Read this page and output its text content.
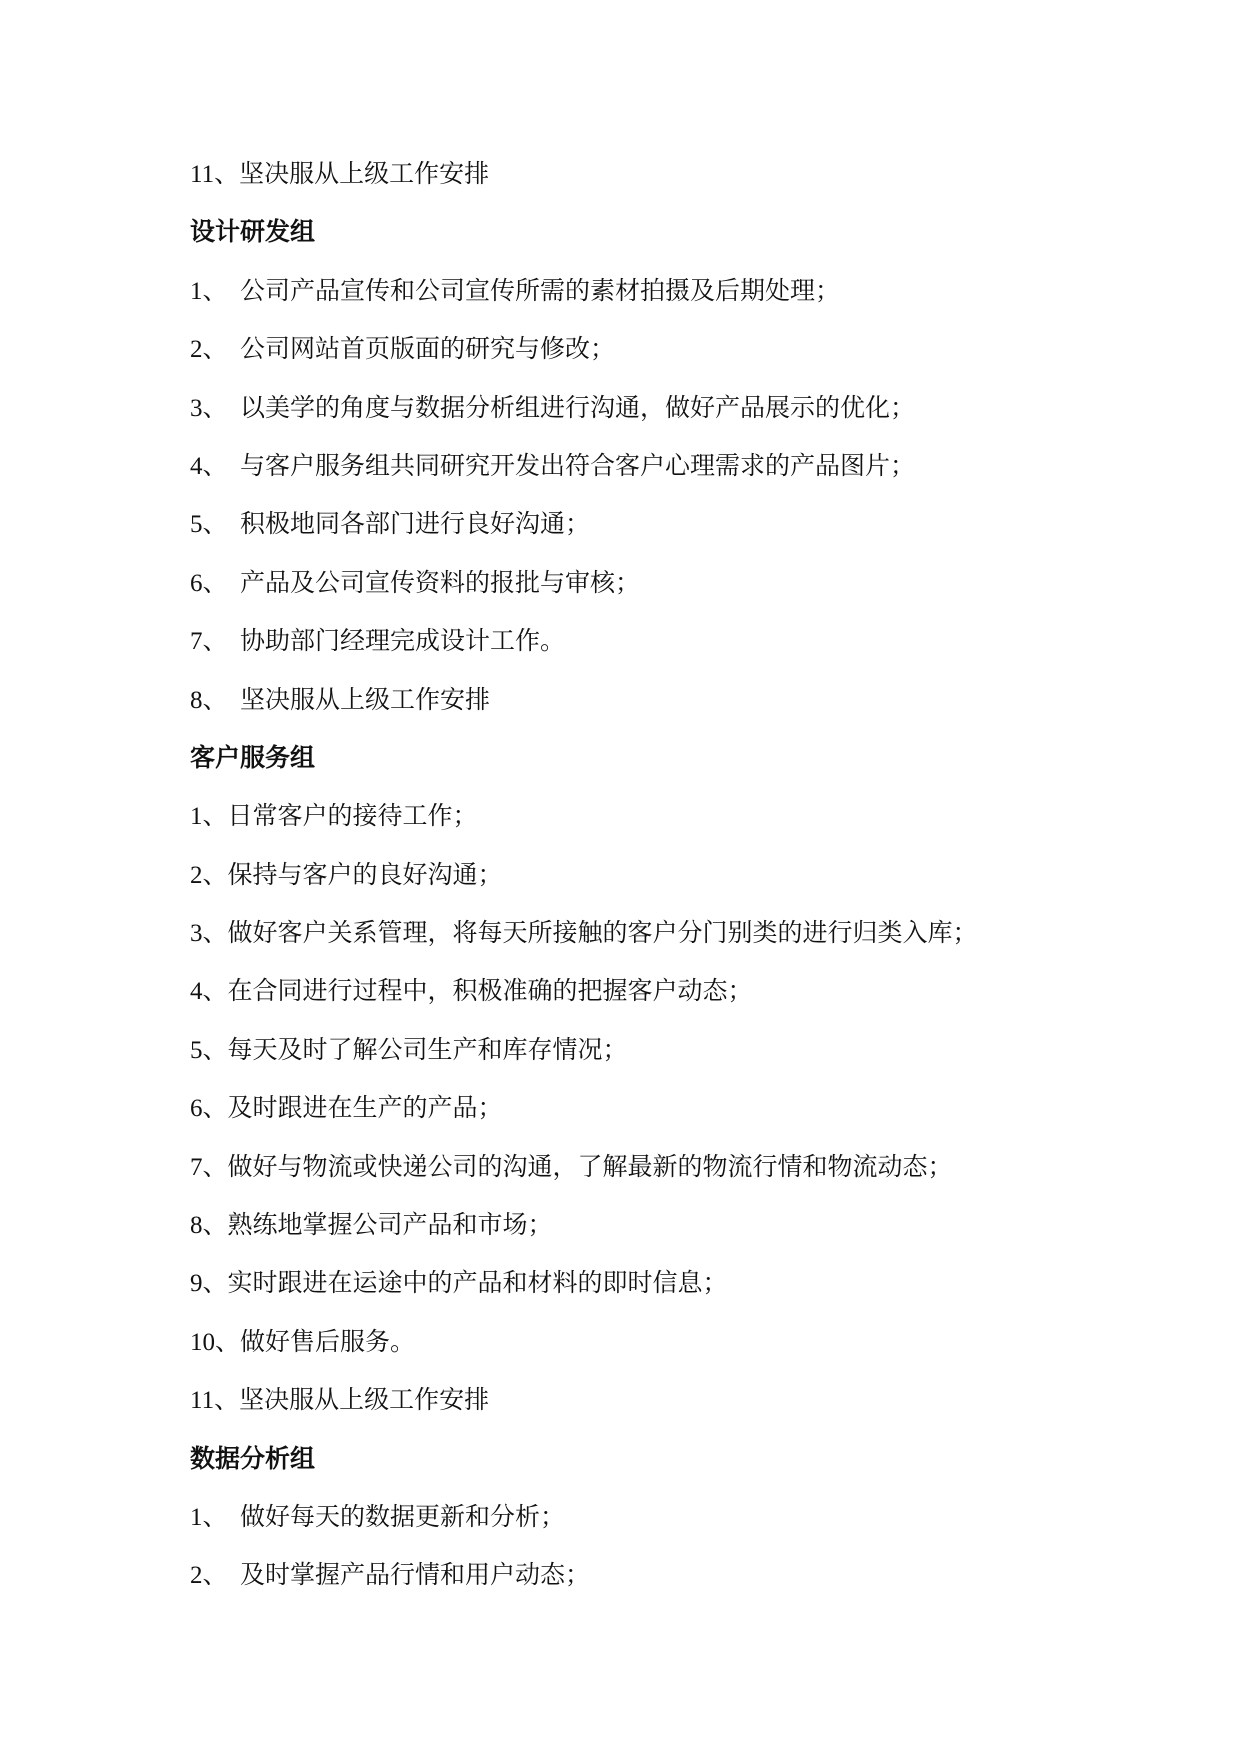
11、坚决服从上级工作安排
设计研发组
1、 公司产品宣传和公司宣传所需的素材拍摄及后期处理；
2、 公司网站首页版面的研究与修改；
3、 以美学的角度与数据分析组进行沟通，做好产品展示的优化；
4、 与客户服务组共同研究开发出符合客户心理需求的产品图片；
5、 积极地同各部门进行良好沟通；
6、 产品及公司宣传资料的报批与审核；
7、 协助部门经理完成设计工作。
8、 坚决服从上级工作安排
客户服务组
1、日常客户的接待工作；
2、保持与客户的良好沟通；
3、做好客户关系管理，将每天所接触的客户分门别类的进行归类入库；
4、在合同进行过程中，积极准确的把握客户动态；
5、每天及时了解公司生产和库存情况；
6、及时跟进在生产的产品；
7、做好与物流或快递公司的沟通，了解最新的物流行情和物流动态；
8、熟练地掌握公司产品和市场；
9、实时跟进在运途中的产品和材料的即时信息；
10、做好售后服务。
11、坚决服从上级工作安排
数据分析组
1、 做好每天的数据更新和分析；
2、 及时掌握产品行情和用户动态；
